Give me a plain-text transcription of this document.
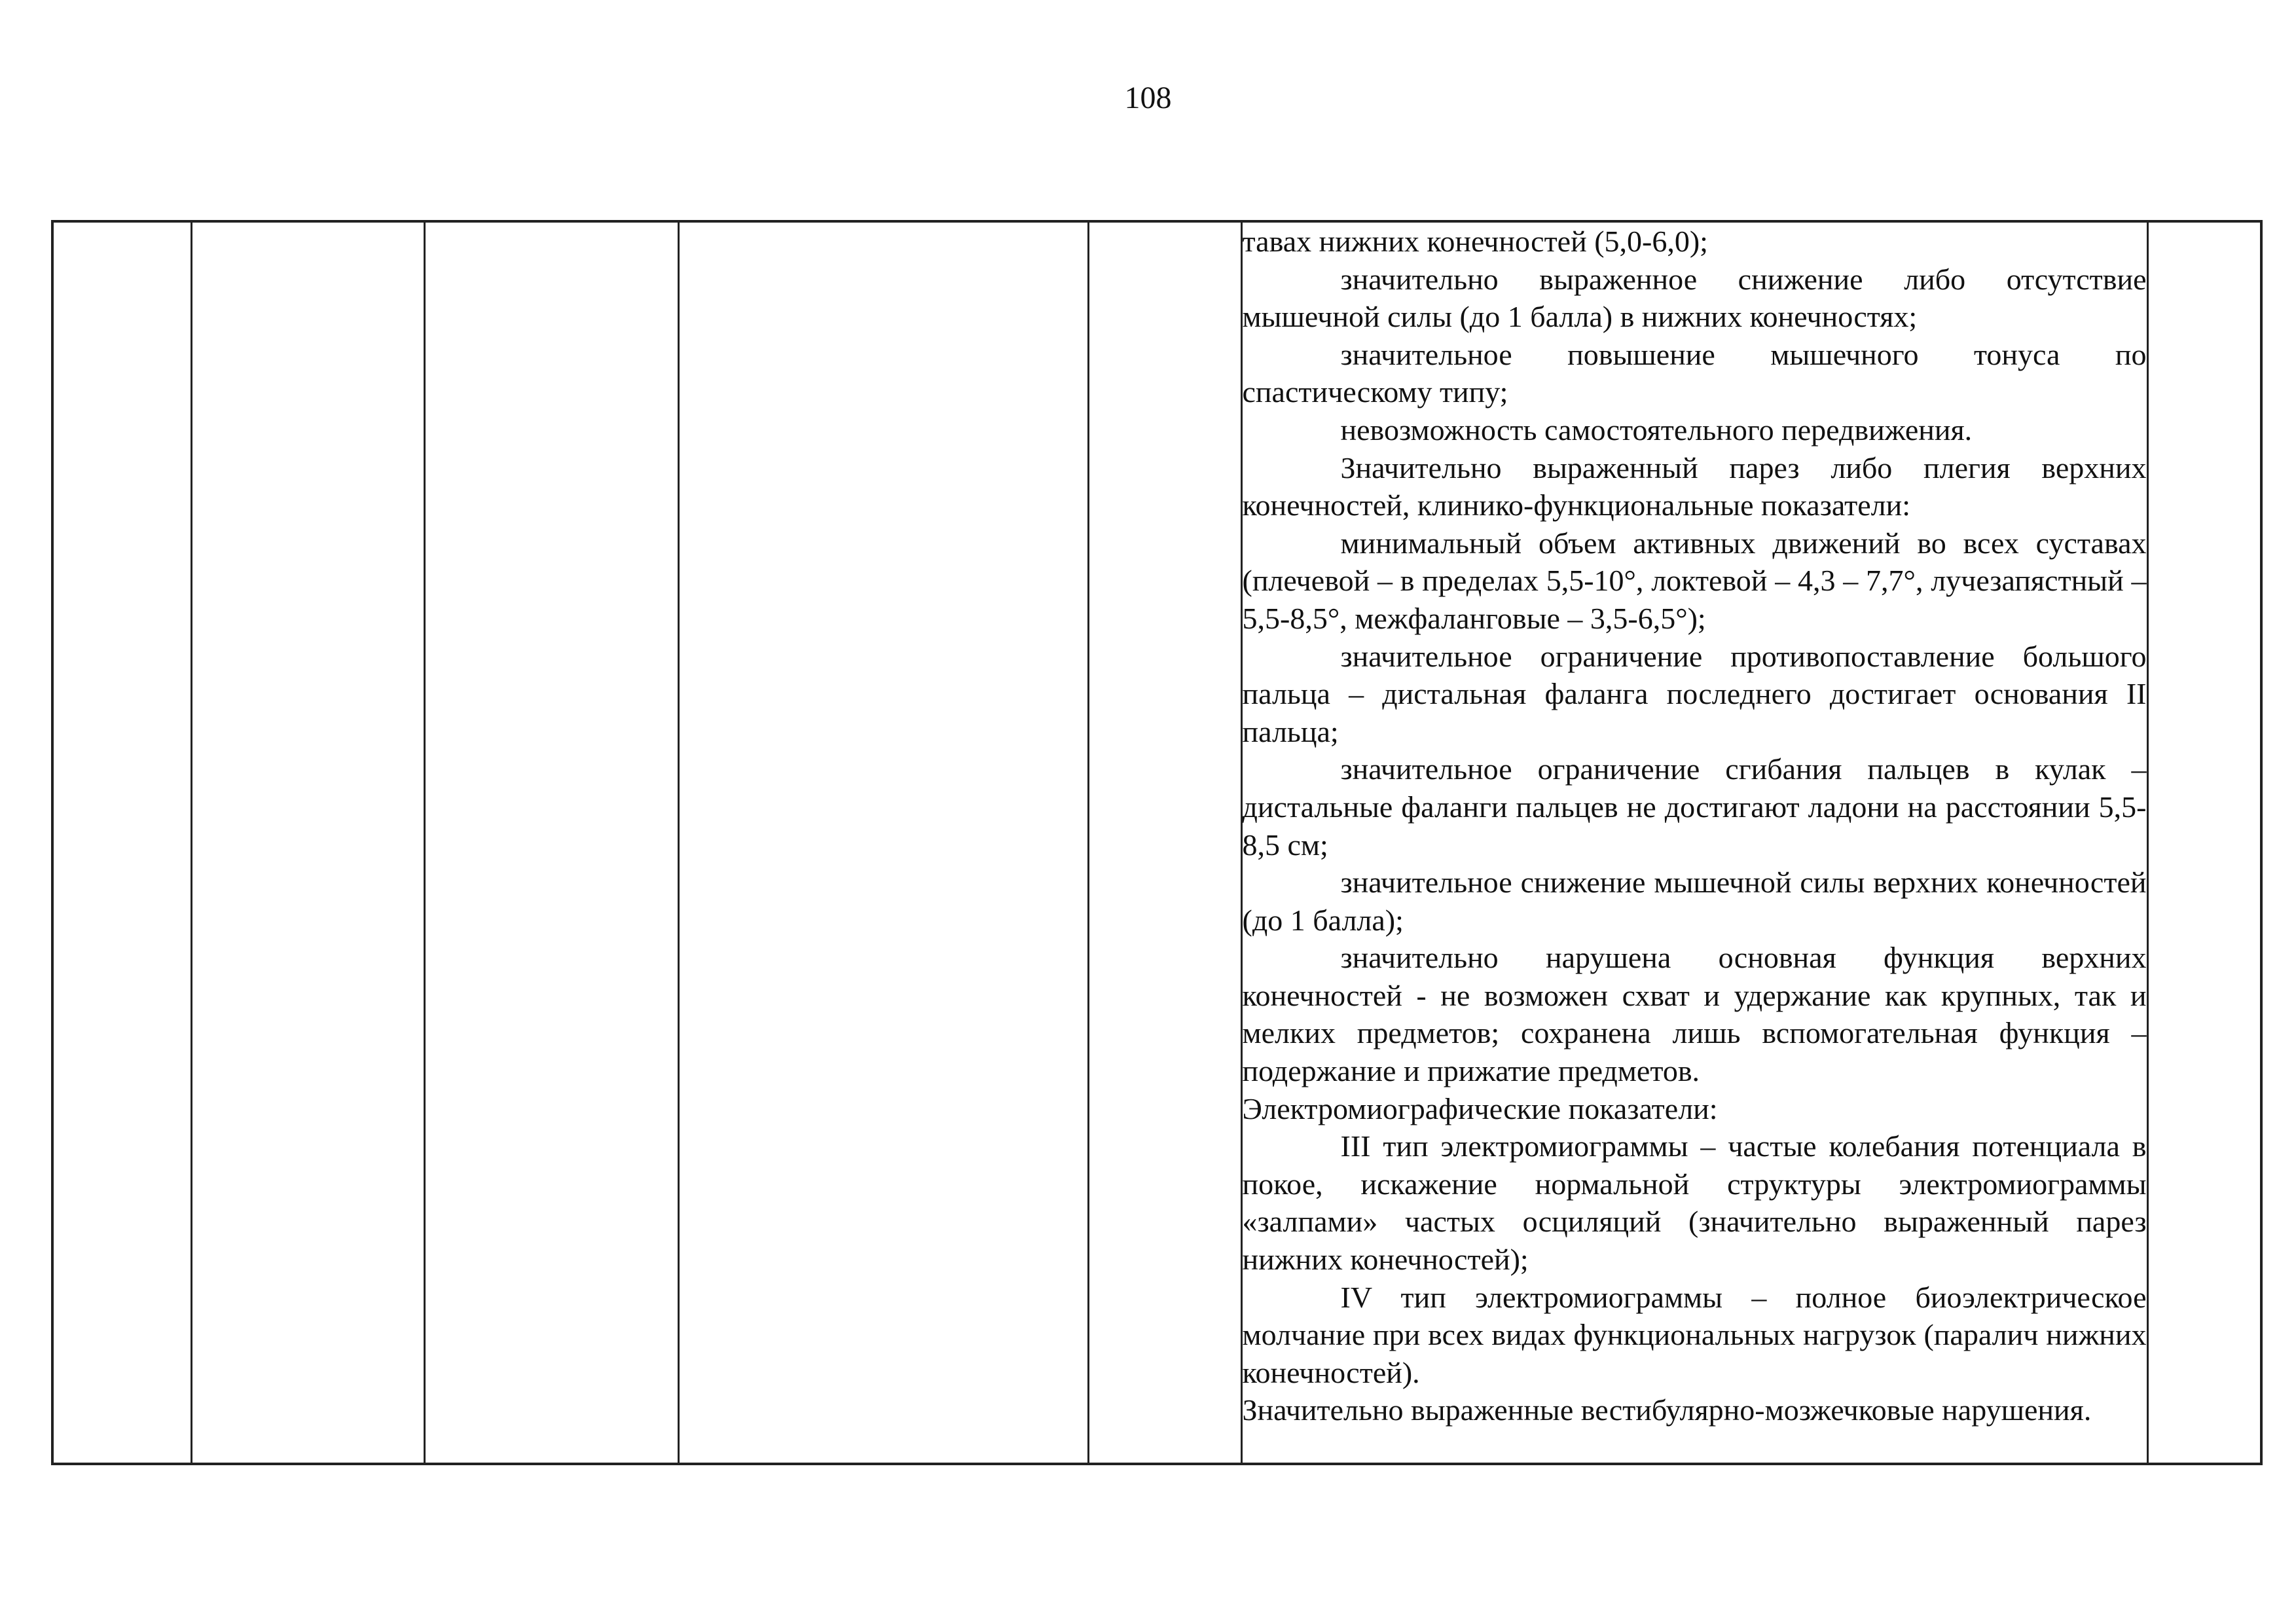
108

тавах нижних конечностей (5,0-6,0);

значительно выраженное снижение либо отсутствие мышечной силы (до 1 балла) в нижних конечностях;

значительное повышение мышечного тонуса по спастическому типу;

невозможность самостоятельного передвижения.

Значительно выраженный парез либо плегия верхних конечностей, клинико-функциональные показатели:

минимальный объем активных движений во всех суставах (плечевой – в пределах 5,5-10°, локтевой – 4,3 – 7,7°, лучезапястный – 5,5-8,5°, межфаланговые – 3,5-6,5°);

значительное ограничение противопоставление большого пальца – дистальная фаланга последнего достигает основания II пальца;

значительное ограничение сгибания пальцев в кулак – дистальные фаланги пальцев не достигают ладони на расстоянии 5,5-8,5 см;

значительное снижение мышечной силы верхних конечностей (до 1 балла);

значительно нарушена основная функция верхних конечностей - не возможен схват и удержание как крупных, так и мелких предметов; сохранена лишь вспомогательная функция – подержание и прижатие предметов.

Электромиографические показатели:

III тип электромиограммы – частые колебания потенциала в покое, искажение нормальной структуры электромиограммы «залпами» частых осциляций (значительно выраженный парез нижних конечностей);

IV тип электромиограммы – полное биоэлектрическое молчание при всех видах функциональных нагрузок (паралич нижних конечностей).

Значительно выраженные вестибулярно-мозжечковые нарушения.
